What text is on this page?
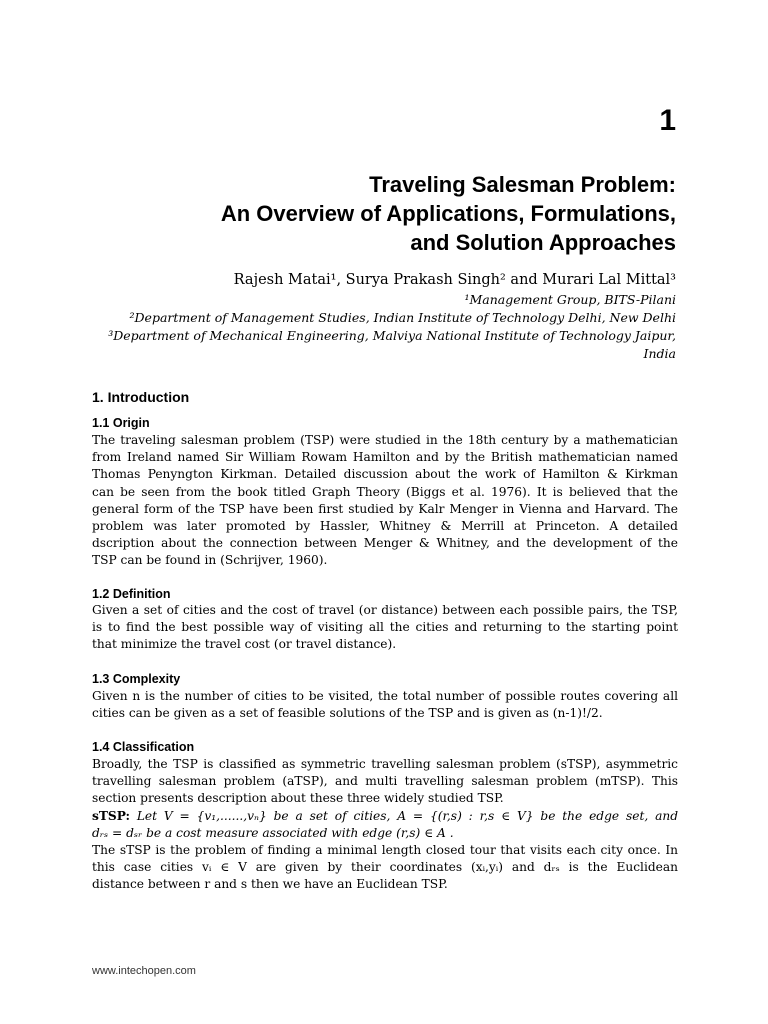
1
Traveling Salesman Problem:
An Overview of Applications, Formulations,
and Solution Approaches
Rajesh Matai¹, Surya Prakash Singh² and Murari Lal Mittal³
¹Management Group, BITS-Pilani
²Department of Management Studies, Indian Institute of Technology Delhi, New Delhi
³Department of Mechanical Engineering, Malviya National Institute of Technology Jaipur,
India
1. Introduction
1.1 Origin
The traveling salesman problem (TSP) were studied in the 18th century by a mathematician
from Ireland named Sir William Rowam Hamilton and by the British mathematician named
Thomas Penyngton Kirkman. Detailed discussion about the work of Hamilton & Kirkman
can be seen from the book titled Graph Theory (Biggs et al. 1976). It is believed that the
general form of the TSP have been first studied by Kalr Menger in Vienna and Harvard. The
problem was later promoted by Hassler, Whitney & Merrill at Princeton. A detailed
dscription about the connection between Menger & Whitney, and the development of the
TSP can be found in (Schrijver, 1960).
1.2 Definition
Given a set of cities and the cost of travel (or distance) between each possible pairs, the TSP,
is to find the best possible way of visiting all the cities and returning to the starting point
that minimize the travel cost (or travel distance).
1.3 Complexity
Given n is the number of cities to be visited, the total number of possible routes covering all
cities can be given as a set of feasible solutions of the TSP and is given as (n-1)!/2.
1.4 Classification
Broadly, the TSP is classified as symmetric travelling salesman problem (sTSP), asymmetric
travelling salesman problem (aTSP), and multi travelling salesman problem (mTSP). This
section presents description about these three widely studied TSP.
sTSP: Let V = {v₁,......,vₙ} be a set of cities, A = {(r,s) : r,s ∈ V} be the edge set, and
dᵣₛ = dₛᵣ be a cost measure associated with edge (r,s) ∈ A .
The sTSP is the problem of finding a minimal length closed tour that visits each city once. In
this case cities vᵢ ∈ V are given by their coordinates (xᵢ,yᵢ) and dᵣₛ is the Euclidean
distance between r and s then we have an Euclidean TSP.
www.intechopen.com
